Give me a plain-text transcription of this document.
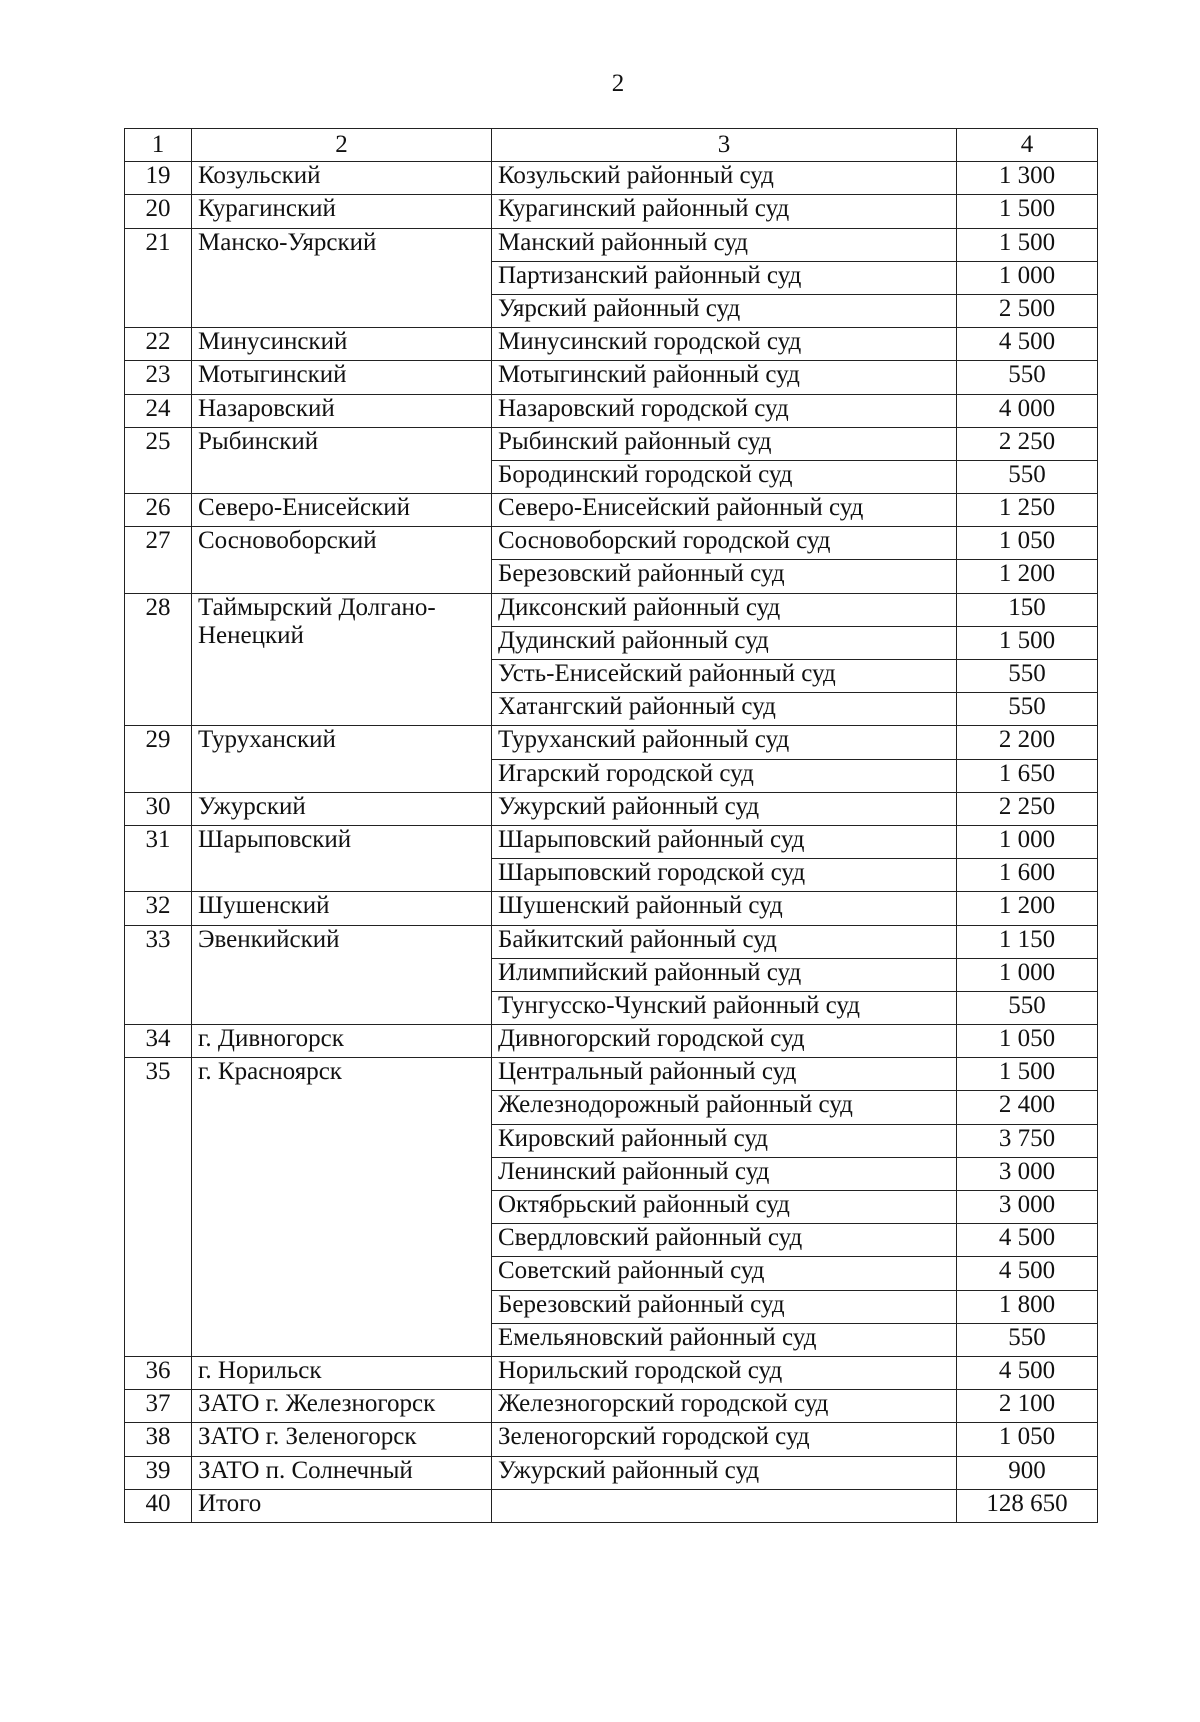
2
1	2	3	4
19	Козульский	Козульский районный суд	1 300
20	Курагинский	Курагинский районный суд	1 500
21	Манско-Уярский	Манский районный суд	1 500
		Партизанский районный суд	1 000
		Уярский районный суд	2 500
22	Минусинский	Минусинский городской суд	4 500
23	Мотыгинский	Мотыгинский районный суд	550
24	Назаровский	Назаровский городской суд	4 000
25	Рыбинский	Рыбинский районный суд	2 250
		Бородинский городской суд	550
26	Северо-Енисейский	Северо-Енисейский районный суд	1 250
27	Сосновоборский	Сосновоборский городской суд	1 050
		Березовский районный суд	1 200
28	Таймырский Долгано-Ненецкий	Диксонский районный суд	150
		Дудинский районный суд	1 500
		Усть-Енисейский районный суд	550
		Хатангский районный суд	550
29	Туруханский	Туруханский районный суд	2 200
		Игарский городской суд	1 650
30	Ужурский	Ужурский районный суд	2 250
31	Шарыповский	Шарыповский районный суд	1 000
		Шарыповский городской суд	1 600
32	Шушенский	Шушенский районный суд	1 200
33	Эвенкийский	Байкитский районный суд	1 150
		Илимпийский районный суд	1 000
		Тунгусско-Чунский районный суд	550
34	г. Дивногорск	Дивногорский городской суд	1 050
35	г. Красноярск	Центральный районный суд	1 500
		Железнодорожный районный суд	2 400
		Кировский районный суд	3 750
		Ленинский районный суд	3 000
		Октябрьский районный суд	3 000
		Свердловский районный суд	4 500
		Советский районный суд	4 500
		Березовский районный суд	1 800
		Емельяновский районный суд	550
36	г. Норильск	Норильский городской суд	4 500
37	ЗАТО г. Железногорск	Железногорский городской суд	2 100
38	ЗАТО г. Зеленогорск	Зеленогорский городской суд	1 050
39	ЗАТО п. Солнечный	Ужурский районный суд	900
40	Итого		128 650
